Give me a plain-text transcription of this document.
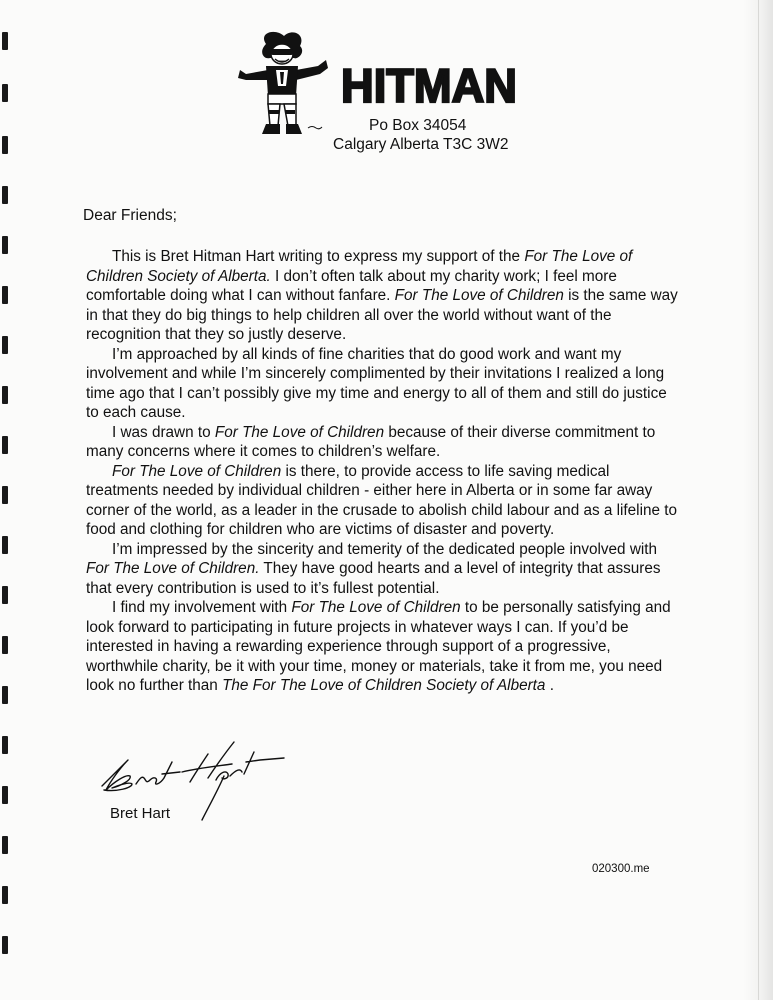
HITMAN
Po Box 34054
Calgary Alberta T3C 3W2
Dear Friends;

This is Bret Hitman Hart writing to express my support of the For The Love of Children Society of Alberta. I don’t often talk about my charity work; I feel more comfortable doing what I can without fanfare. For The Love of Children is the same way in that they do big things to help children all over the world without want of the recognition that they so justly deserve.

I’m approached by all kinds of fine charities that do good work and want my involvement and while I’m sincerely complimented by their invitations I realized a long time ago that I can’t possibly give my time and energy to all of them and still do justice to each cause.

I was drawn to For The Love of Children because of their diverse commitment to many concerns where it comes to children’s welfare.

For The Love of Children is there, to provide access to life saving medical treatments needed by individual children - either here in Alberta or in some far away corner of the world, as a leader in the crusade to abolish child labour and as a lifeline to food and clothing for children who are victims of disaster and poverty.

I’m impressed by the sincerity and temerity of the dedicated people involved with For The Love of Children. They have good hearts and a level of integrity that assures that every contribution is used to it’s fullest potential.

I find my involvement with For The Love of Children to be personally satisfying and look forward to participating in future projects in whatever ways I can. If you’d be interested in having a rewarding experience through support of a progressive, worthwhile charity, be it with your time, money or materials, take it from me, you need look no further than The For The Love of Children Society of Alberta .

Bret Hart
020300.me
